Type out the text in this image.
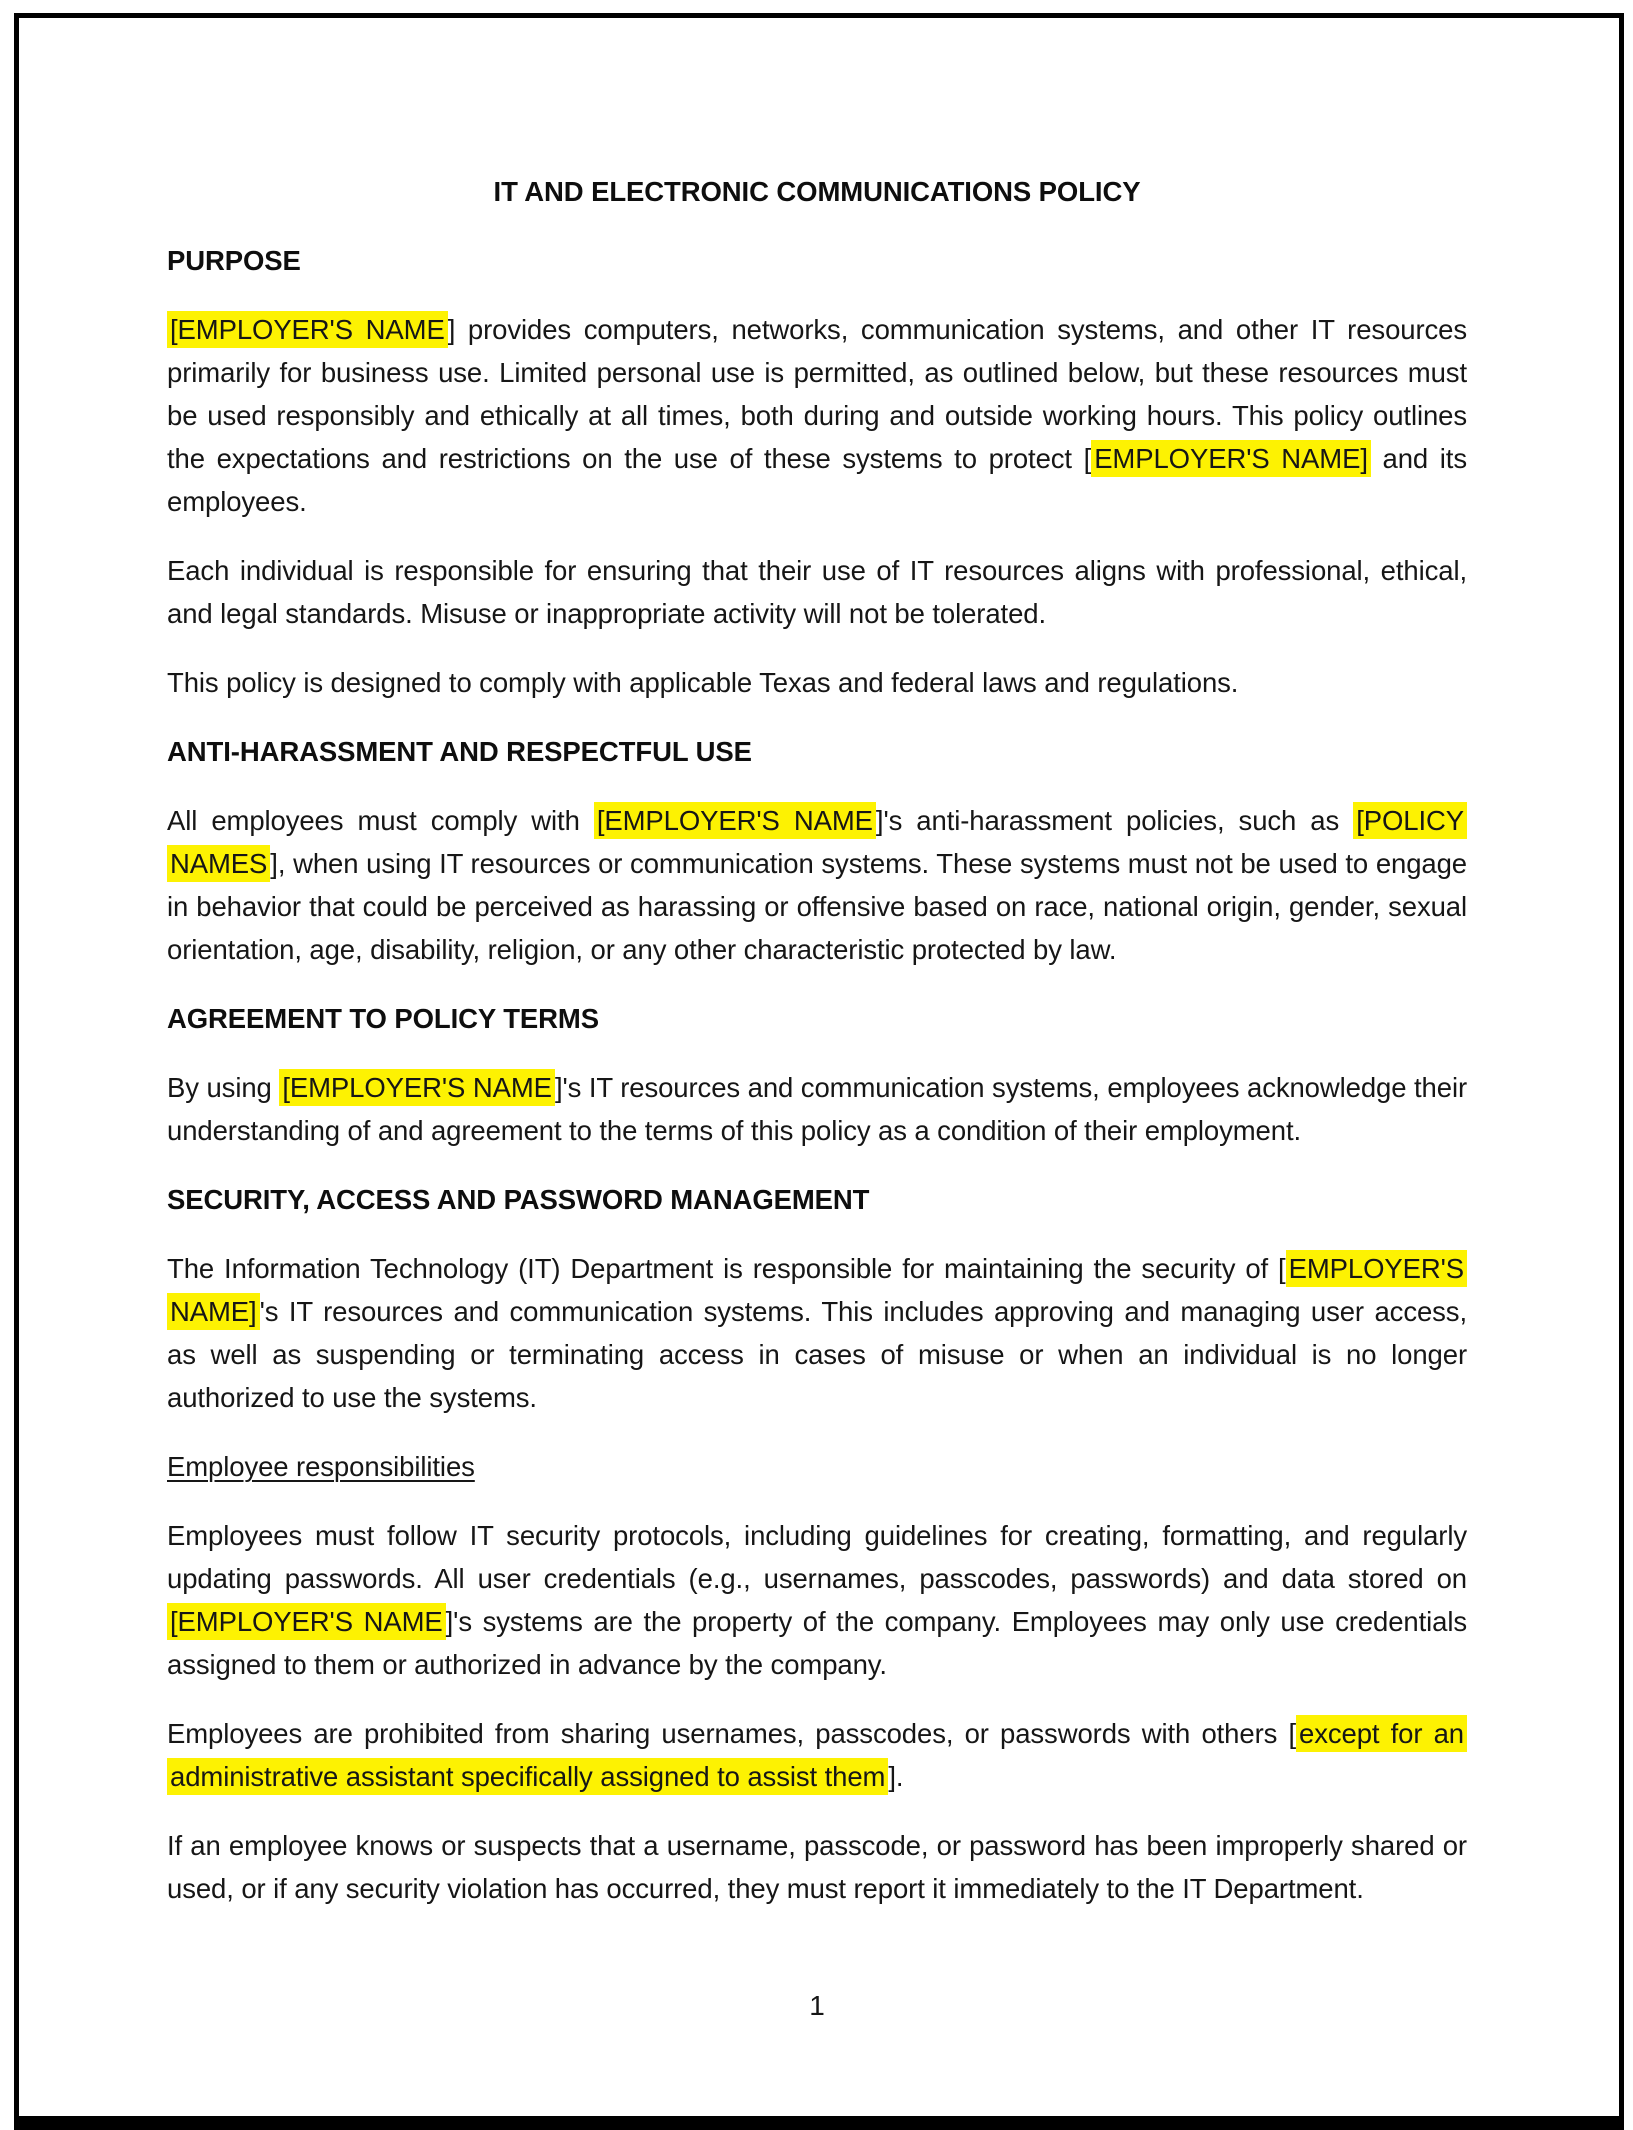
IT AND ELECTRONIC COMMUNICATIONS POLICY
PURPOSE

[EMPLOYER'S NAME ] provides computers, networks, communication systems, and other IT resources primarily for business use. Limited personal use is permitted, as outlined below, but these resources must be used responsibly and ethically at all times, both during and outside working hours. This policy outlines the expectations and restrictions on the use of these systems to protect [ EMPLOYER'S NAME] and its employees.

Each individual is responsible for ensuring that their use of IT resources aligns with professional, ethical, and legal standards. Misuse or inappropriate activity will not be tolerated.

This policy is designed to comply with applicable Texas and federal laws and regulations.

ANTI-HARASSMENT AND RESPECTFUL USE

All employees must comply with [EMPLOYER'S NAME ]'s anti-harassment policies, such as [POLICY NAMES ], when using IT resources or communication systems. These systems must not be used to engage in behavior that could be perceived as harassing or offensive based on race, national origin, gender, sexual orientation, age, disability, religion, or any other characteristic protected by law.

AGREEMENT TO POLICY TERMS

By using [EMPLOYER'S NAME ]'s IT resources and communication systems, employees acknowledge their understanding of and agreement to the terms of this policy as a condition of their employment.

SECURITY, ACCESS AND PASSWORD MANAGEMENT

The Information Technology (IT) Department is responsible for maintaining the security of [ EMPLOYER'S NAME] 's IT resources and communication systems. This includes approving and managing user access, as well as suspending or terminating access in cases of misuse or when an individual is no longer authorized to use the systems.

Employee responsibilities

Employees must follow IT security protocols, including guidelines for creating, formatting, and regularly updating passwords. All user credentials (e.g., usernames, passcodes, passwords) and data stored on [EMPLOYER'S NAME ]'s systems are the property of the company. Employees may only use credentials assigned to them or authorized in advance by the company.

Employees are prohibited from sharing usernames, passcodes, or passwords with others [ except for an administrative assistant specifically assigned to assist them ].

If an employee knows or suspects that a username, passcode, or password has been improperly shared or used, or if any security violation has occurred, they must report it immediately to the IT Department.

1
